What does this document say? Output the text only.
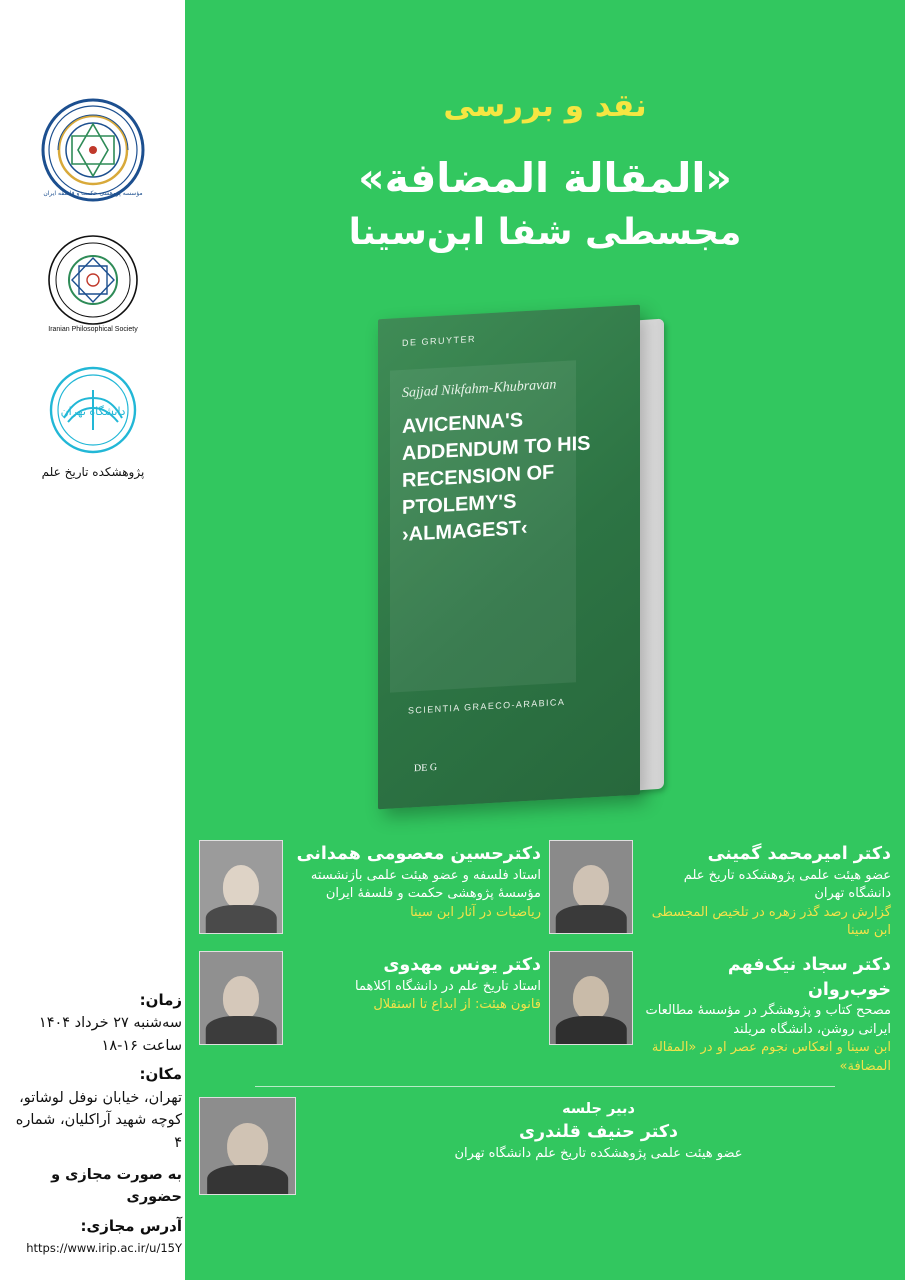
مؤسسه پژوهشی حکمت و فلسفه ایران
Iranian Philosophical Society
دانشگاه تهران
پژوهشکده تاریخ علم
نقد و بررسی
«المقالة المضافة»
مجسطی شفا ابن‌سینا
DE GRUYTER
Sajjad Nikfahm-Khubravan
AVICENNA'S ADDENDUM TO HIS RECENSION OF PTOLEMY'S ›ALMAGEST‹
SCIENTIA GRAECO-ARABICA
DE G
دکتر امیرمحمد گمینی
عضو هیئت علمی پژوهشکده تاریخ علم دانشگاه تهران
گزارش رصد گذر زهره در تلخیص المجسطی ابن سینا
دکترحسین معصومی همدانی
استاد فلسفه و عضو هیئت علمی بازنشسته مؤسسهٔ پژوهشی حکمت و فلسفهٔ ایران
ریاضیات در آثار ابن سینا
دکتر سجاد نیک‌فهم خوب‌روان
مصحح کتاب و پژوهشگر در مؤسسهٔ مطالعات ایرانی روشن، دانشگاه مریلند
ابن سینا و انعکاس نجوم عصر او در «المقالة المضافة»
دکتر یونس مهدوی
استاد تاریخ علم در دانشگاه اکلاهما
قانون هیئت: از ابداع تا استقلال
دبیر جلسه
دکتر حنیف قلندری
عضو هیئت علمی پژوهشکده تاریخ علم دانشگاه تهران
زمان:
سه‌شنبه ۲۷ خرداد ۱۴۰۴
ساعت ۱۶-۱۸
مکان:
تهران، خیابان نوفل لوشاتو، کوچه شهید آراکلیان، شماره ۴
به صورت مجازی و حضوری
آدرس مجازی:
https://www.irip.ac.ir/u/15Y
